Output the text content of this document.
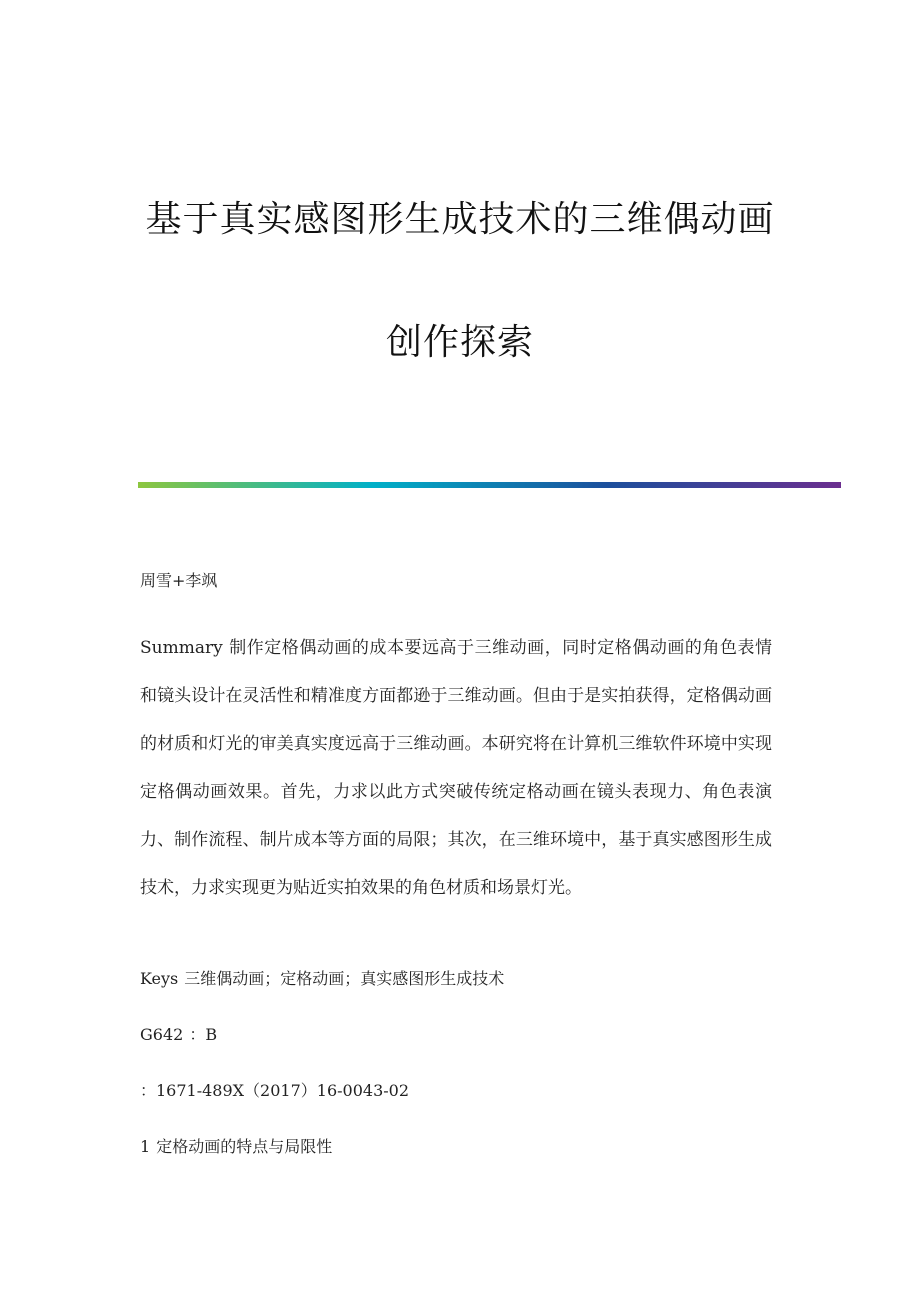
基于真实感图形生成技术的三维偶动画
创作探索
周雪+李飒
Summary 制作定格偶动画的成本要远高于三维动画，同时定格偶动画的角色表情和镜头设计在灵活性和精准度方面都逊于三维动画。但由于是实拍获得，定格偶动画的材质和灯光的审美真实度远高于三维动画。本研究将在计算机三维软件环境中实现定格偶动画效果。首先，力求以此方式突破传统定格动画在镜头表现力、角色表演力、制作流程、制片成本等方面的局限；其次，在三维环境中，基于真实感图形生成技术，力求实现更为贴近实拍效果的角色材质和场景灯光。
Keys 三维偶动画；定格动画；真实感图形生成技术
G642 ：B
：1671-489X（2017）16-0043-02
1 定格动画的特点与局限性
